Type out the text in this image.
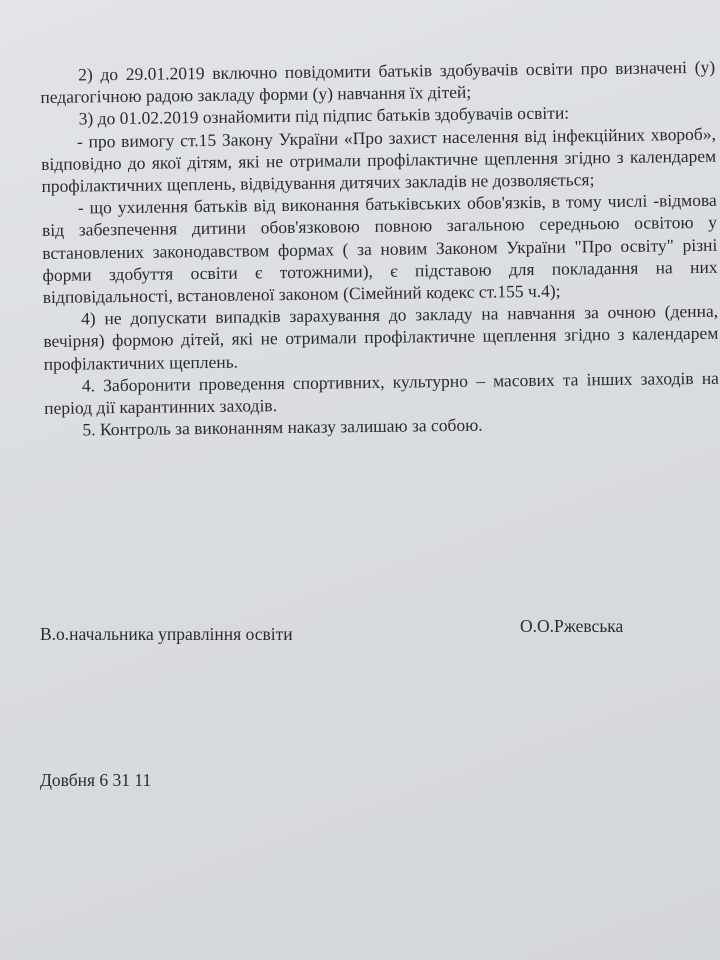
2) до 29.01.2019 включно повідомити батьків здобувачів освіти про визначені (у) педагогічною радою закладу форми (у) навчання їх дітей;

3) до 01.02.2019 ознайомити під підпис батьків здобувачів освіти:

- про вимогу ст.15 Закону України «Про захист населення від інфекційних хвороб», відповідно до якої дітям, які не отримали профілактичне щеплення згідно з календарем профілактичних щеплень, відвідування дитячих закладів не дозволяється;

- що ухилення батьків від виконання батьківських обов'язків, в тому числі -відмова від забезпечення дитини обов'язковою повною загальною середньою освітою у встановлених законодавством формах ( за новим Законом України "Про освіту" різні форми здобуття освіти є тотожними), є підставою для покладання на них відповідальності, встановленої законом (Сімейний кодекс ст.155 ч.4);

4) не допускати випадків зарахування до закладу на навчання за очною (денна, вечірня) формою дітей, які не отримали профілактичне щеплення згідно з календарем профілактичних щеплень.

4. Заборонити проведення спортивних, культурно – масових та інших заходів на період дії карантинних заходів.

5. Контроль за виконанням наказу залишаю за собою.

В.о.начальника управління освіти	О.О.Ржевська
Довбня 6 31 11
